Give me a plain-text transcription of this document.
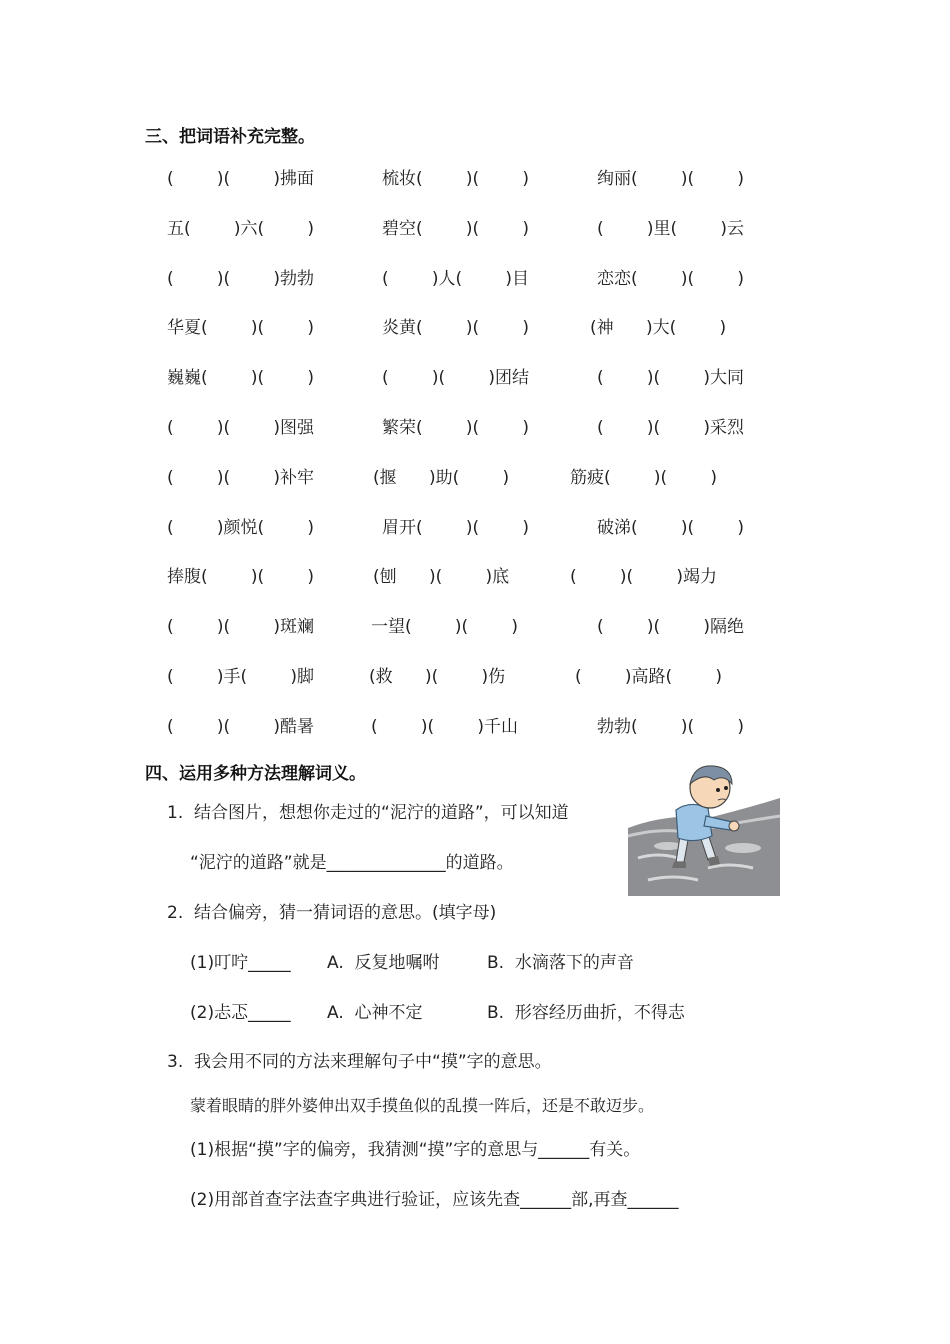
三、把词语补充完整。
(        )(        )拂面	梳妆(        )(        )	绚丽(        )(        )
五(        )六(        )	碧空(        )(        )	(        )里(        )云
(        )(        )勃勃	(        )人(        )目	恋恋(        )(        )
华夏(        )(        )	炎黄(        )(        )	(神      )大(        )
巍巍(        )(        )	(        )(        )团结	(        )(        )大同
(        )(        )图强	繁荣(        )(        )	(        )(        )采烈
(        )(        )补牢	(揠      )助(        )	筋疲(        )(        )
(        )颜悦(        )	眉开(        )(        )	破涕(        )(        )
捧腹(        )(        )	(刨      )(        )底	(        )(        )竭力
(        )(        )斑斓	一望(        )(        )	(        )(        )隔绝
(        )手(        )脚	(救      )(        )伤	(        )高路(        )
(        )(        )酷暑	(        )(        )千山	勃勃(        )(        )
四、运用多种方法理解词义。
1.  结合图片，想想你走过的“泥泞的道路”，可以知道
“泥泞的道路”就是______________的道路。
2.  结合偏旁，猜一猜词语的意思。(填字母)
(1)叮咛_____ A.  反复地嘱咐	B.  水滴落下的声音
(2)忐忑_____ A.  心神不定	B.  形容经历曲折，不得志
3.  我会用不同的方法来理解句子中“摸”字的意思。
蒙着眼睛的胖外婆伸出双手摸鱼似的乱摸一阵后，还是不敢迈步。
(1)根据“摸”字的偏旁，我猜测“摸”字的意思与______有关。
(2)用部首查字法查字典进行验证，应该先查______部,再查______
